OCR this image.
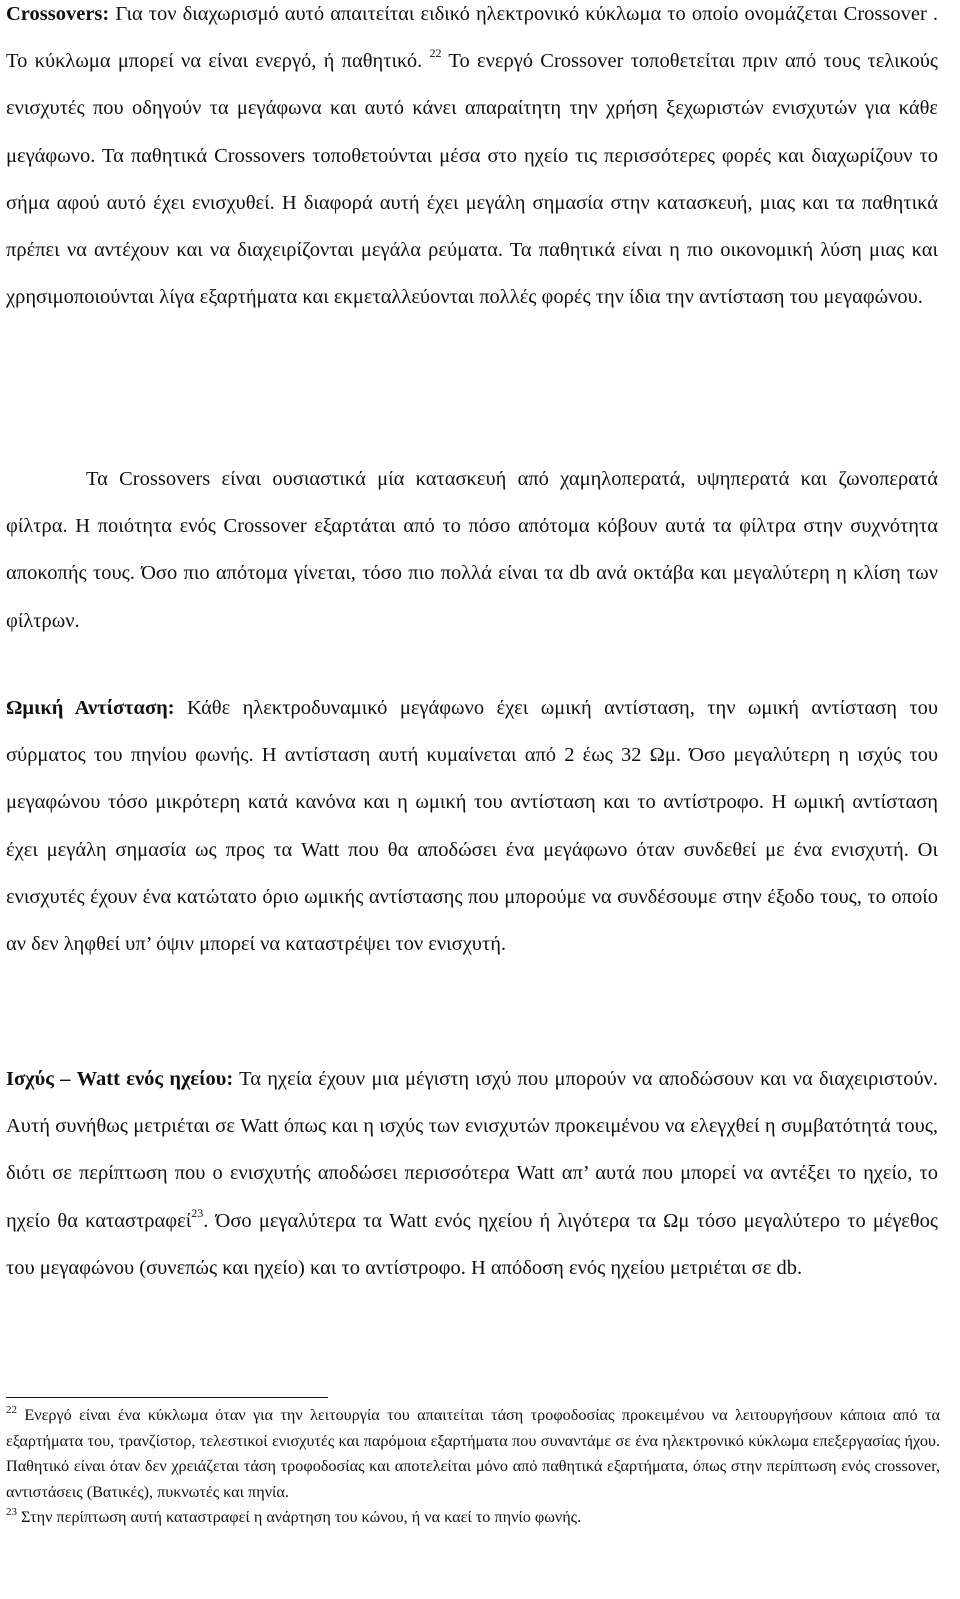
Crossovers: Για τον διαχωρισμό αυτό απαιτείται ειδικό ηλεκτρονικό κύκλωμα το οποίο ονομάζεται Crossover . Το κύκλωμα μπορεί να είναι ενεργό, ή παθητικό. $^{22}$ Το ενεργό Crossover τοποθετείται πριν από τους τελικούς ενισχυτές που οδηγούν τα μεγάφωνα και αυτό κάνει απαραίτητη την χρήση ξεχωριστών ενισχυτών για κάθε μεγάφωνο. Τα παθητικά Crossovers τοποθετούνται μέσα στο ηχείο τις περισσότερες φορές και διαχωρίζουν το σήμα αφού αυτό έχει ενισχυθεί. Η διαφορά αυτή έχει μεγάλη σημασία στην κατασκευή, μιας και τα παθητικά πρέπει να αντέχουν και να διαχειρίζονται μεγάλα ρεύματα. Τα παθητικά είναι η πιο οικονομική λύση μιας και χρησιμοποιούνται λίγα εξαρτήματα και εκμεταλλεύονται πολλές φορές την ίδια την αντίσταση του μεγαφώνου.

Τα Crossovers είναι ουσιαστικά μία κατασκευή από χαμηλοπερατά, υψηπερατά και ζωνοπερατά φίλτρα. Η ποιότητα ενός Crossover εξαρτάται από το πόσο απότομα κόβουν αυτά τα φίλτρα στην συχνότητα αποκοπής τους. Όσο πιο απότομα γίνεται, τόσο πιο πολλά είναι τα db ανά οκτάβα και μεγαλύτερη η κλίση των φίλτρων.

Ωμική Αντίσταση: Κάθε ηλεκτροδυναμικό μεγάφωνο έχει ωμική αντίσταση, την ωμική αντίσταση του σύρματος του πηνίου φωνής. Η αντίσταση αυτή κυμαίνεται από 2 έως 32 Ωμ. Όσο μεγαλύτερη η ισχύς του μεγαφώνου τόσο μικρότερη κατά κανόνα και η ωμική του αντίσταση και το αντίστροφο. Η ωμική αντίσταση έχει μεγάλη σημασία ως προς τα Watt που θα αποδώσει ένα μεγάφωνο όταν συνδεθεί με ένα ενισχυτή. Οι ενισχυτές έχουν ένα κατώτατο όριο ωμικής αντίστασης που μπορούμε να συνδέσουμε στην έξοδο τους, το οποίο αν δεν ληφθεί υπ’ όψιν μπορεί να καταστρέψει τον ενισχυτή.

Ισχύς – Watt ενός ηχείου: Τα ηχεία έχουν μια μέγιστη ισχύ που μπορούν να αποδώσουν και να διαχειριστούν. Αυτή συνήθως μετριέται σε Watt όπως και η ισχύς των ενισχυτών προκειμένου να ελεγχθεί η συμβατότητά τους, διότι σε περίπτωση που ο ενισχυτής αποδώσει περισσότερα Watt απ’ αυτά που μπορεί να αντέξει το ηχείο, το ηχείο θα καταστραφεί$^{23}$. Όσο μεγαλύτερα τα Watt ενός ηχείου ή λιγότερα τα Ωμ τόσο μεγαλύτερο το μέγεθος του μεγαφώνου (συνεπώς και ηχείο) και το αντίστροφο. Η απόδοση ενός ηχείου μετριέται σε db.

$^{22}$ Ενεργό είναι ένα κύκλωμα όταν για την λειτουργία του απαιτείται τάση τροφοδοσίας προκειμένου να λειτουργήσουν κάποια από τα εξαρτήματα του, τρανζίστορ, τελεστικοί ενισχυτές και παρόμοια εξαρτήματα που συναντάμε σε ένα ηλεκτρονικό κύκλωμα επεξεργασίας ήχου. Παθητικό είναι όταν δεν χρειάζεται τάση τροφοδοσίας και αποτελείται μόνο από παθητικά εξαρτήματα, όπως στην περίπτωση ενός crossover, αντιστάσεις (Βατικές), πυκνωτές και πηνία.

$^{23}$ Στην περίπτωση αυτή καταστραφεί η ανάρτηση του κώνου, ή να καεί το πηνίο φωνής.
